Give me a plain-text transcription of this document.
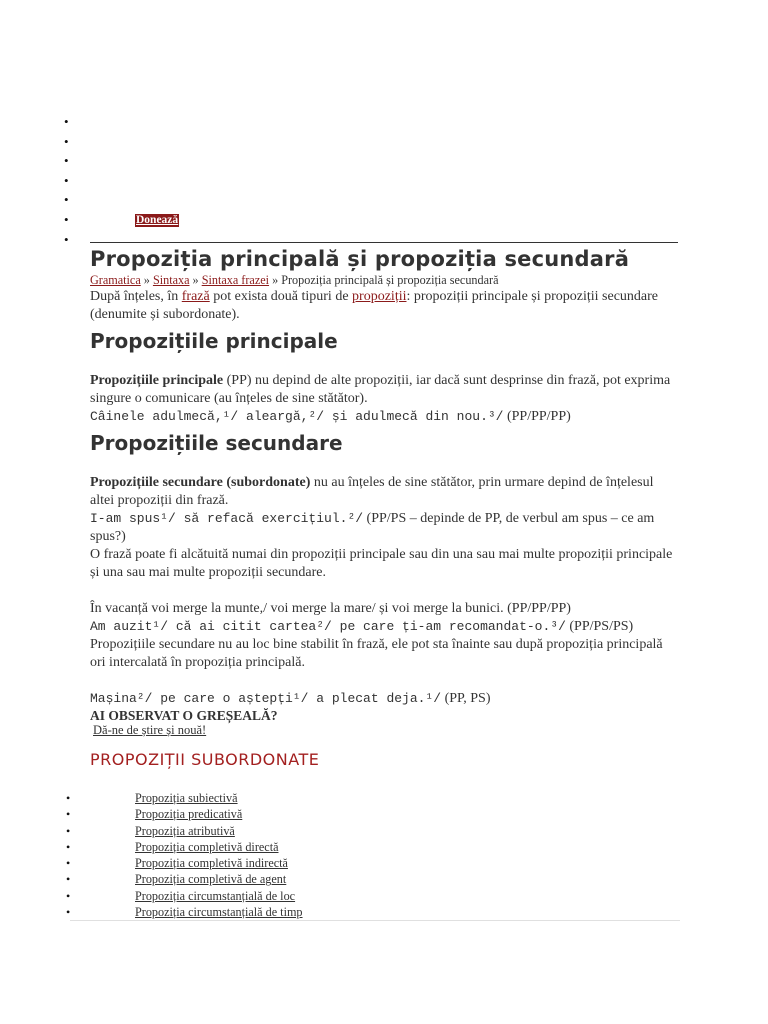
Donează
Propoziția principală și propoziția secundară
Gramatica » Sintaxa » Sintaxa frazei » Propoziția principală și propoziția secundară

După înțeles, în frază pot exista două tipuri de propoziții: propoziții principale și propoziții secundare (denumite și subordonate).

Propozițiile principale

Propozițiile principale (PP) nu depind de alte propoziții, iar dacă sunt desprinse din frază, pot exprima singure o comunicare (au înțeles de sine stătător).

Câinele adulmecă,¹/ aleargă,²/ și adulmecă din nou.³/ (PP/PP/PP)

Propozițiile secundare

Propozițiile secundare (subordonate) nu au înțeles de sine stătător, prin urmare depind de înțelesul altei propoziții din frază.

I-am spus¹/ să refacă exercițiul.²/ (PP/PS – depinde de PP, de verbul am spus – ce am spus?)

O frază poate fi alcătuită numai din propoziții principale sau din una sau mai multe propoziții principale și una sau mai multe propoziții secundare.

În vacanță voi merge la munte,/ voi merge la mare/ și voi merge la bunici. (PP/PP/PP)

Am auzit¹/ că ai citit cartea²/ pe care ți-am recomandat-o.³/ (PP/PS/PS)

Propozițiile secundare nu au loc bine stabilit în frază, ele pot sta înainte sau după propoziția principală ori intercalată în propoziția principală.

Mașina²/ pe care o aștepți¹/ a plecat deja.¹/ (PP, PS)

AI OBSERVAT O GREȘEALĂ?
Dă-ne de știre și nouă!
PROPOZIȚII SUBORDONATE
Propoziția subiectivă
Propoziția predicativă
Propoziția atributivă
Propoziția completivă directă
Propoziția completivă indirectă
Propoziția completivă de agent
Propoziția circumstanțială de loc
Propoziția circumstanțială de timp
